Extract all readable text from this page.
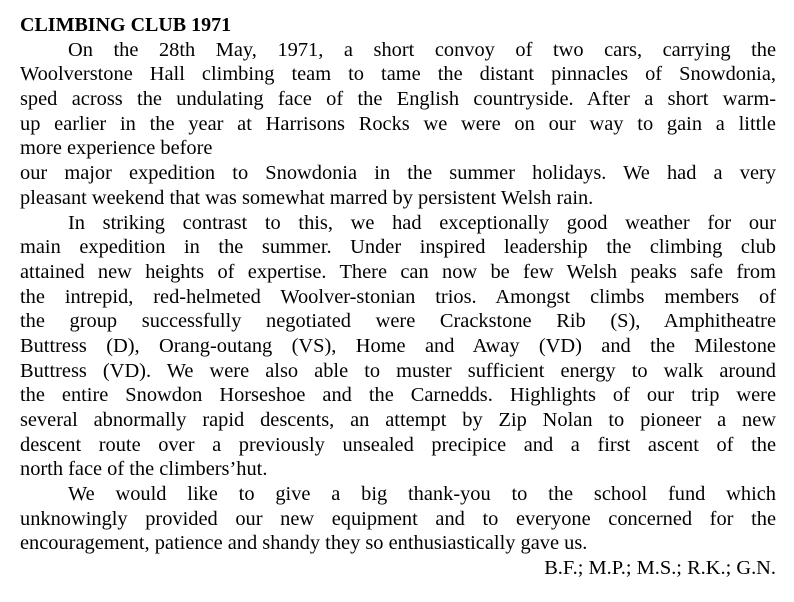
CLIMBING CLUB 1971
On the 28th May, 1971, a short convoy of two cars, carrying the
Woolverstone Hall climbing team to tame the distant pinnacles of Snowdonia,
sped across the undulating face of the English countryside. After a short warm-
up earlier in the year at Harrisons Rocks we were on our way to gain a little
more experience before
our major expedition to Snowdonia in the summer holidays. We had a very
pleasant weekend that was somewhat marred by persistent Welsh rain.
In striking contrast to this, we had exceptionally good weather for our
main expedition in the summer. Under inspired leadership the climbing club
attained new heights of expertise. There can now be few Welsh peaks safe from
the intrepid, red-helmeted Woolver-stonian trios. Amongst climbs members of
the group successfully negotiated were Crackstone Rib (S), Amphitheatre
Buttress (D), Orang-outang (VS), Home and Away (VD) and the Milestone
Buttress (VD). We were also able to muster sufficient energy to walk around
the entire Snowdon Horseshoe and the Carnedds. Highlights of our trip were
several abnormally rapid descents, an attempt by Zip Nolan to pioneer a new
descent route over a previously unsealed precipice and a first ascent of the
north face of the climbers’hut.
We would like to give a big thank-you to the school fund which
unknowingly provided our new equipment and to everyone concerned for the
encouragement, patience and shandy they so enthusiastically gave us.
B.F.; M.P.; M.S.; R.K.; G.N.
